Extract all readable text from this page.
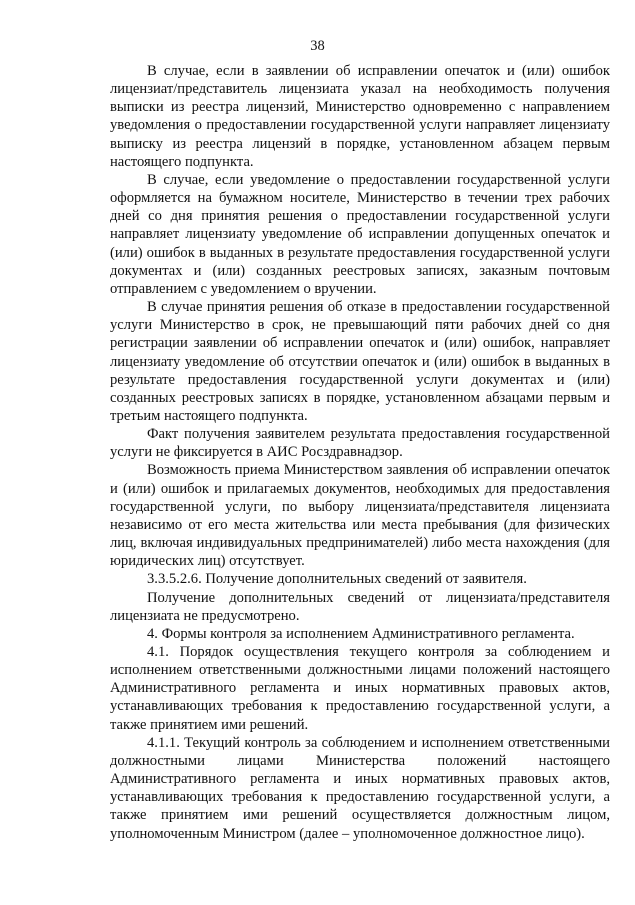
38

В случае, если в заявлении об исправлении опечаток и (или) ошибок лицензиат/представитель лицензиата указал на необходимость получения выписки из реестра лицензий, Министерство одновременно с направлением уведомления о предоставлении государственной услуги направляет лицензиату выписку из реестра лицензий в порядке, установленном абзацем первым настоящего подпункта.

В случае, если уведомление о предоставлении государственной услуги оформляется на бумажном носителе, Министерство в течении трех рабочих дней со дня принятия решения о предоставлении государственной услуги направляет лицензиату уведомление об исправлении допущенных опечаток и (или) ошибок в выданных в результате предоставления государственной услуги документах и (или) созданных реестровых записях, заказным почтовым отправлением с уведомлением о вручении.

В случае принятия решения об отказе в предоставлении государственной услуги Министерство в срок, не превышающий пяти рабочих дней со дня регистрации заявлении об исправлении опечаток и (или) ошибок, направляет лицензиату уведомление об отсутствии опечаток и (или) ошибок в выданных в результате предоставления государственной услуги документах и (или) созданных реестровых записях в порядке, установленном абзацами первым и третьим настоящего подпункта.

Факт получения заявителем результата предоставления государственной услуги не фиксируется в АИС Росздравнадзор.

Возможность приема Министерством заявления об исправлении опечаток и (или) ошибок и прилагаемых документов, необходимых для предоставления государственной услуги, по выбору лицензиата/представителя лицензиата независимо от его места жительства или места пребывания (для физических лиц, включая индивидуальных предпринимателей) либо места нахождения (для юридических лиц) отсутствует.

3.3.5.2.6. Получение дополнительных сведений от заявителя.

Получение дополнительных сведений от лицензиата/представителя лицензиата не предусмотрено.

4. Формы контроля за исполнением Административного регламента.

4.1. Порядок осуществления текущего контроля за соблюдением и исполнением ответственными должностными лицами положений настоящего Административного регламента и иных нормативных правовых актов, устанавливающих требования к предоставлению государственной услуги, а также принятием ими решений.

4.1.1. Текущий контроль за соблюдением и исполнением ответственными должностными лицами Министерства положений настоящего Административного регламента и иных нормативных правовых актов, устанавливающих требования к предоставлению государственной услуги, а также принятием ими решений осуществляется должностным лицом, уполномоченным Министром (далее – уполномоченное должностное лицо).
